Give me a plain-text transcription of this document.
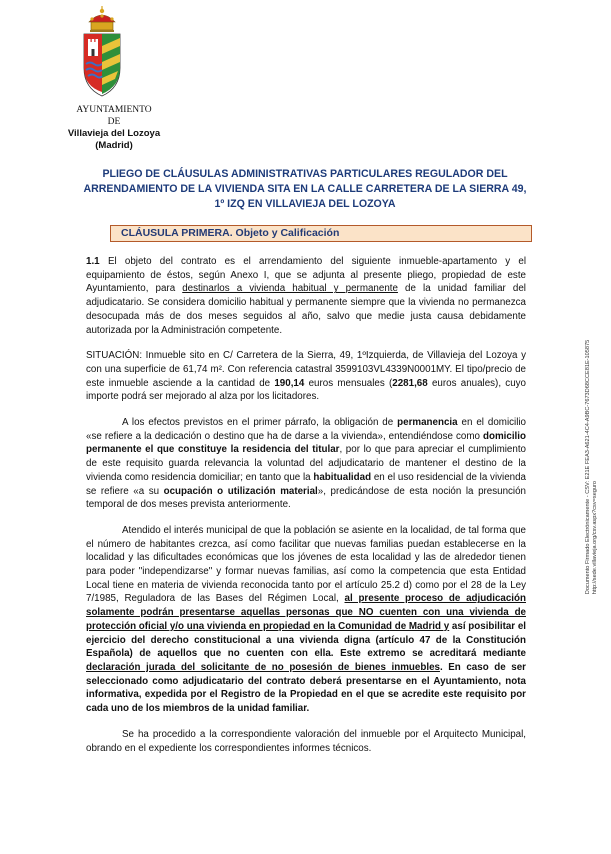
AYUNTAMIENTO
DE
Villavieja del Lozoya
(Madrid)
PLIEGO DE CLÁUSULAS ADMINISTRATIVAS PARTICULARES REGULADOR DEL
ARRENDAMIENTO DE LA VIVIENDA SITA EN LA CALLE CARRETERA DE LA SIERRA 49,
1º IZQ EN VILLAVIEJA DEL LOZOYA
CLÁUSULA PRIMERA. Objeto y Calificación

1.1 El objeto del contrato es el arrendamiento del siguiente inmueble-apartamento y el equipamiento de éstos, según Anexo I, que se adjunta al presente pliego, propiedad de este Ayuntamiento, para destinarlos a vivienda habitual y permanente de la unidad familiar del adjudicatario. Se considera domicilio habitual y permanente siempre que la vivienda no permanezca desocupada más de dos meses seguidos al año, salvo que medie justa causa debidamente autorizada por la Administración competente.

SITUACIÓN: Inmueble sito en C/ Carretera de la Sierra, 49, 1ºIzquierda, de Villavieja del Lozoya y con una superficie de 61,74 m². Con referencia catastral 3599103VL4339N0001MY. El tipo/precio de este inmueble asciende a la cantidad de 190,14 euros mensuales (2281,68 euros anuales), cuyo importe podrá ser mejorado al alza por los licitadores.

A los efectos previstos en el primer párrafo, la obligación de permanencia en el domicilio «se refiere a la dedicación o destino que ha de darse a la vivienda», entendiéndose como domicilio permanente el que constituye la residencia del titular, por lo que para apreciar el cumplimiento de este requisito guarda relevancia la voluntad del adjudicatario de mantener el destino de la vivienda como residencia domiciliar; en tanto que la habitualidad en el uso residencial de la vivienda se refiere «a su ocupación o utilización material», predicándose de esta noción la presunción temporal de dos meses prevista anteriormente.

Atendido el interés municipal de que la población se asiente en la localidad, de tal forma que el número de habitantes crezca, así como facilitar que nuevas familias puedan establecerse en la localidad y las dificultades económicas que los jóvenes de esta localidad y las de alrededor tienen para poder "independizarse" y formar nuevas familias, así como la competencia que esta Entidad Local tiene en materia de vivienda reconocida tanto por el artículo 25.2 d) como por el 28 de la Ley 7/1985, Reguladora de las Bases del Régimen Local, al presente proceso de adjudicación solamente podrán presentarse aquellas personas que NO cuenten con una vivienda de protección oficial y/o una vivienda en propiedad en la Comunidad de Madrid y así posibilitar el ejercicio del derecho constitucional a una vivienda digna (artículo 47 de la Constitución Española) de aquellos que no cuenten con ella. Este extremo se acreditará mediante declaración jurada del solicitante de no posesión de bienes inmuebles. En caso de ser seleccionado como adjudicatario del contrato deberá presentarse en el Ayuntamiento, nota informativa, expedida por el Registro de la Propiedad en el que se acredite este requisito por cada uno de los miembros de la unidad familiar.

Se ha procedido a la correspondiente valoración del inmueble por el Arquitecto Municipal, obrando en el expediente los correspondientes informes técnicos.

Documento Firmado Electrónicamente - CSV: E21E FEA3-A621-4C4-A9BC-7673D68CCE81E-105875 http://sede.villavieja.org/csv.aspx?csv=seguro
